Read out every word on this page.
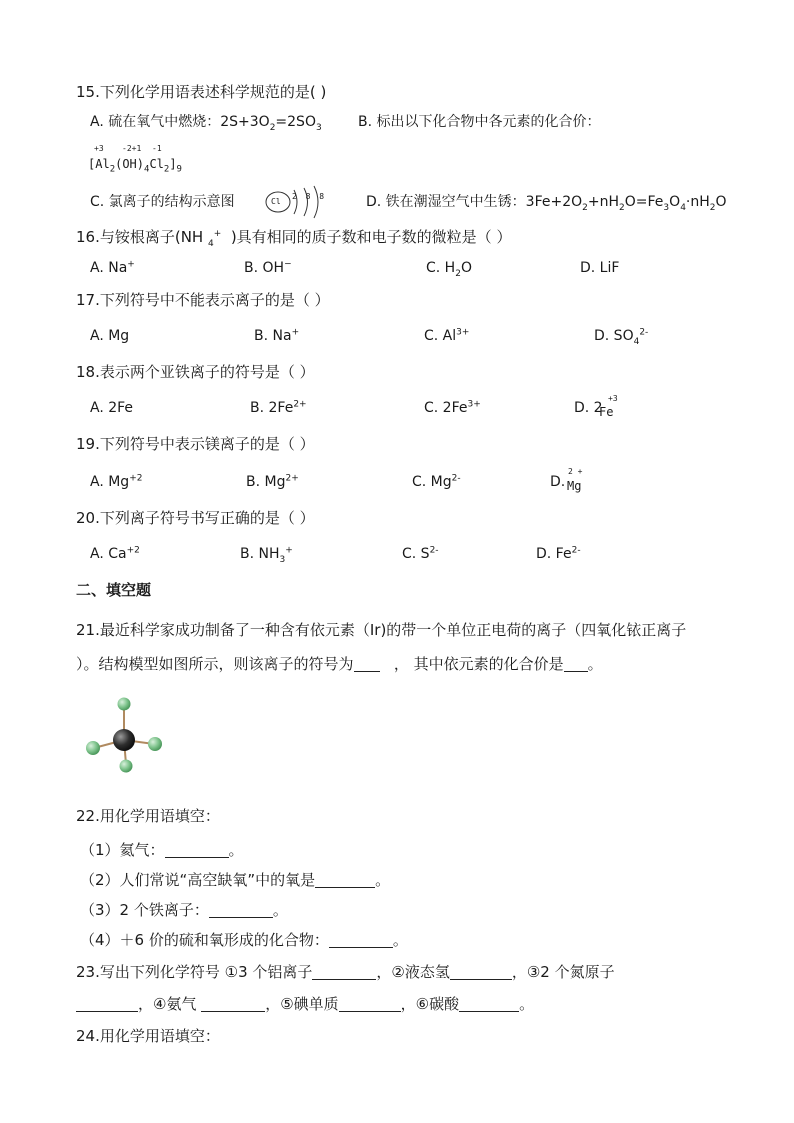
15.下列化学用语表述科学规范的是( )
A. 硫在氧气中燃烧：$2S+3O_2=2SO_3$	B. 标出以下化合物中各元素的化合价：
+3 -2+1 -1
$[Al_2(OH)_4Cl_2]_9$
C. 氯离子的结构示意图	Cl
2 8 8	D. 铁在潮湿空气中生锈：$3Fe+2O_2+nH_2O=Fe_3O_4\cdot nH_2O$
16.与铵根离子(NH $_4$+ )具有相同的质子数和电子数的微粒是（ ）
A. Na+	B. OH−	C. $H_2O$	D. LiF
17.下列符号中不能表示离子的是（ ）
A. Mg	B. Na+	C. $Al^{3+}$	D. $SO_4^{2-}$
18.表示两个亚铁离子的符号是（ ）
A. 2Fe	B. $2Fe^{2+}$	C. $2Fe^{3+}$	D. 2
+3
Fe
19.下列符号中表示镁离子的是（ ）
A. $Mg^{+2}$	B. $Mg^{2+}$	C. $Mg^{2-}$	D.
2 +
Mg
20.下列离子符号书写正确的是（ ）
A. $Ca^{+2}$	B. $NH_3^+$	C. $S^{2-}$	D. $Fe^{2-}$
二、填空题
21.最近科学家成功制备了一种含有依元素（Ir)的带一个单位正电荷的离子（四氧化铱正离子
）。结构模型如图所示，则该离子的符号为	， 其中依元素的化合价是 。
22.用化学用语填空：
（1）氦气：	。
（2）人们常说“高空缺氧”中的氧是	。
（3）2 个铁离子：	。
（4）＋6 价的硫和氧形成的化合物：	。
23.写出下列化学符号 ①3 个铝离子	，②液态氢	，③2 个氮原子
，④氨气	，⑤碘单质	，⑥碳酸	。
24.用化学用语填空：
